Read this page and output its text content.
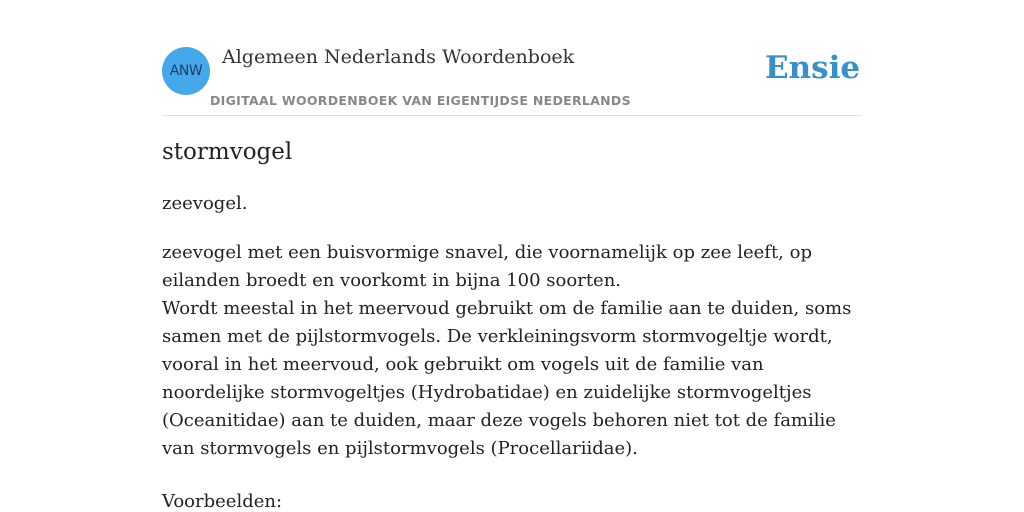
ANW
Algemeen Nederlands Woordenboek
DIGITAAL WOORDENBOEK VAN EIGENTIJDSE NEDERLANDS
Ensie
stormvogel

zeevogel.

zeevogel met een buisvormige snavel, die voornamelijk op zee leeft, op eilanden broedt en voorkomt in bijna 100 soorten.
Wordt meestal in het meervoud gebruikt om de familie aan te duiden, soms samen met de pijlstormvogels. De verkleiningsvorm stormvogeltje wordt, vooral in het meervoud, ook gebruikt om vogels uit de familie van noordelijke stormvogeltjes (Hydrobatidae) en zuidelijke stormvogeltjes (Oceanitidae) aan te duiden, maar deze vogels behoren niet tot de familie van stormvogels en pijlstormvogels (Procellariidae).

Voorbeelden:
